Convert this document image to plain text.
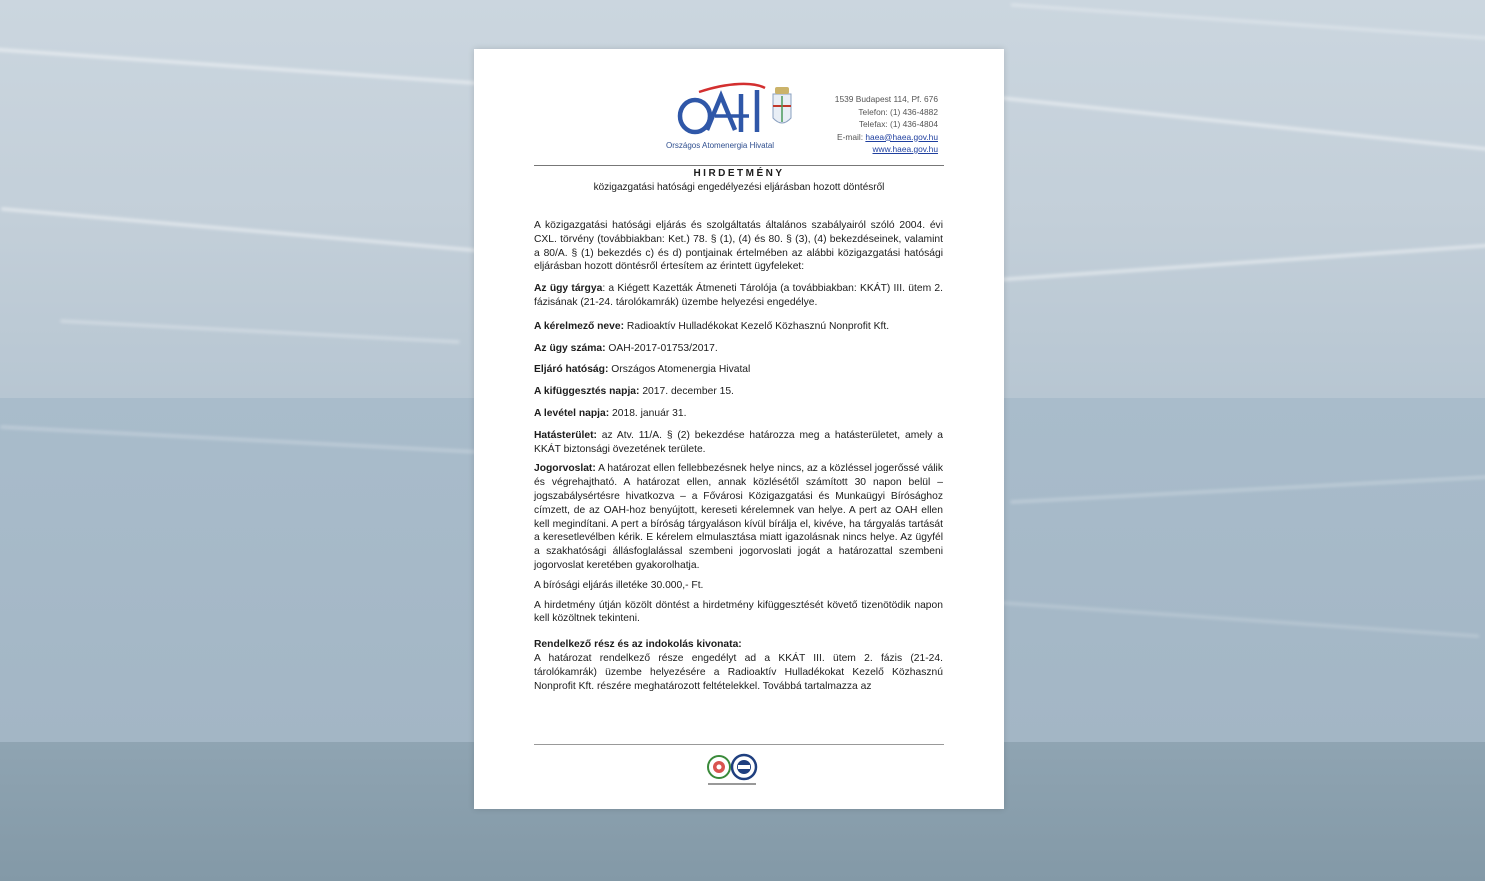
Országos Atomenergia Hivatal
1539 Budapest 114, Pf. 676
Telefon: (1) 436-4882
Telefax: (1) 436-4804
E-mail: haea@haea.gov.hu
www.haea.gov.hu
HIRDETMÉNY
közigazgatási hatósági engedélyezési eljárásban hozott döntésről

A közigazgatási hatósági eljárás és szolgáltatás általános szabályairól szóló 2004. évi CXL. törvény (továbbiakban: Ket.) 78. § (1), (4) és 80. § (3), (4) bekezdéseinek, valamint a 80/A. § (1) bekezdés c) és d) pontjainak értelmében az alábbi közigazgatási hatósági eljárásban hozott döntésről értesítem az érintett ügyfeleket:

Az ügy tárgya: a Kiégett Kazetták Átmeneti Tárolója (a továbbiakban: KKÁT) III. ütem 2. fázisának (21-24. tárolókamrák) üzembe helyezési engedélye.

A kérelmező neve: Radioaktív Hulladékokat Kezelő Közhasznú Nonprofit Kft.

Az ügy száma: OAH-2017-01753/2017.

Eljáró hatóság: Országos Atomenergia Hivatal

A kifüggesztés napja: 2017. december 15.

A levétel napja: 2018. január 31.

Hatásterület: az Atv. 11/A. § (2) bekezdése határozza meg a hatásterületet, amely a KKÁT biztonsági övezetének területe.

Jogorvoslat: A határozat ellen fellebbezésnek helye nincs, az a közléssel jogerőssé válik és végrehajtható. A határozat ellen, annak közlésétől számított 30 napon belül – jogszabálysértésre hivatkozva – a Fővárosi Közigazgatási és Munkaügyi Bírósághoz címzett, de az OAH-hoz benyújtott, kereseti kérelemnek van helye. A pert az OAH ellen kell megindítani. A pert a bíróság tárgyaláson kívül bírálja el, kivéve, ha tárgyalás tartását a keresetlevélben kérik. E kérelem elmulasztása miatt igazolásnak nincs helye. Az ügyfél a szakhatósági állásfoglalással szembeni jogorvoslati jogát a határozattal szembeni jogorvoslat keretében gyakorolhatja.

A bírósági eljárás illetéke 30.000,- Ft.

A hirdetmény útján közölt döntést a hirdetmény kifüggesztését követő tizenötödik napon kell közöltnek tekinteni.

Rendelkező rész és az indokolás kivonata:

A határozat rendelkező része engedélyt ad a KKÁT III. ütem 2. fázis (21-24. tárolókamrák) üzembe helyezésére a Radioaktív Hulladékokat Kezelő Közhasznú Nonprofit Kft. részére meghatározott feltételekkel. Továbbá tartalmazza az
